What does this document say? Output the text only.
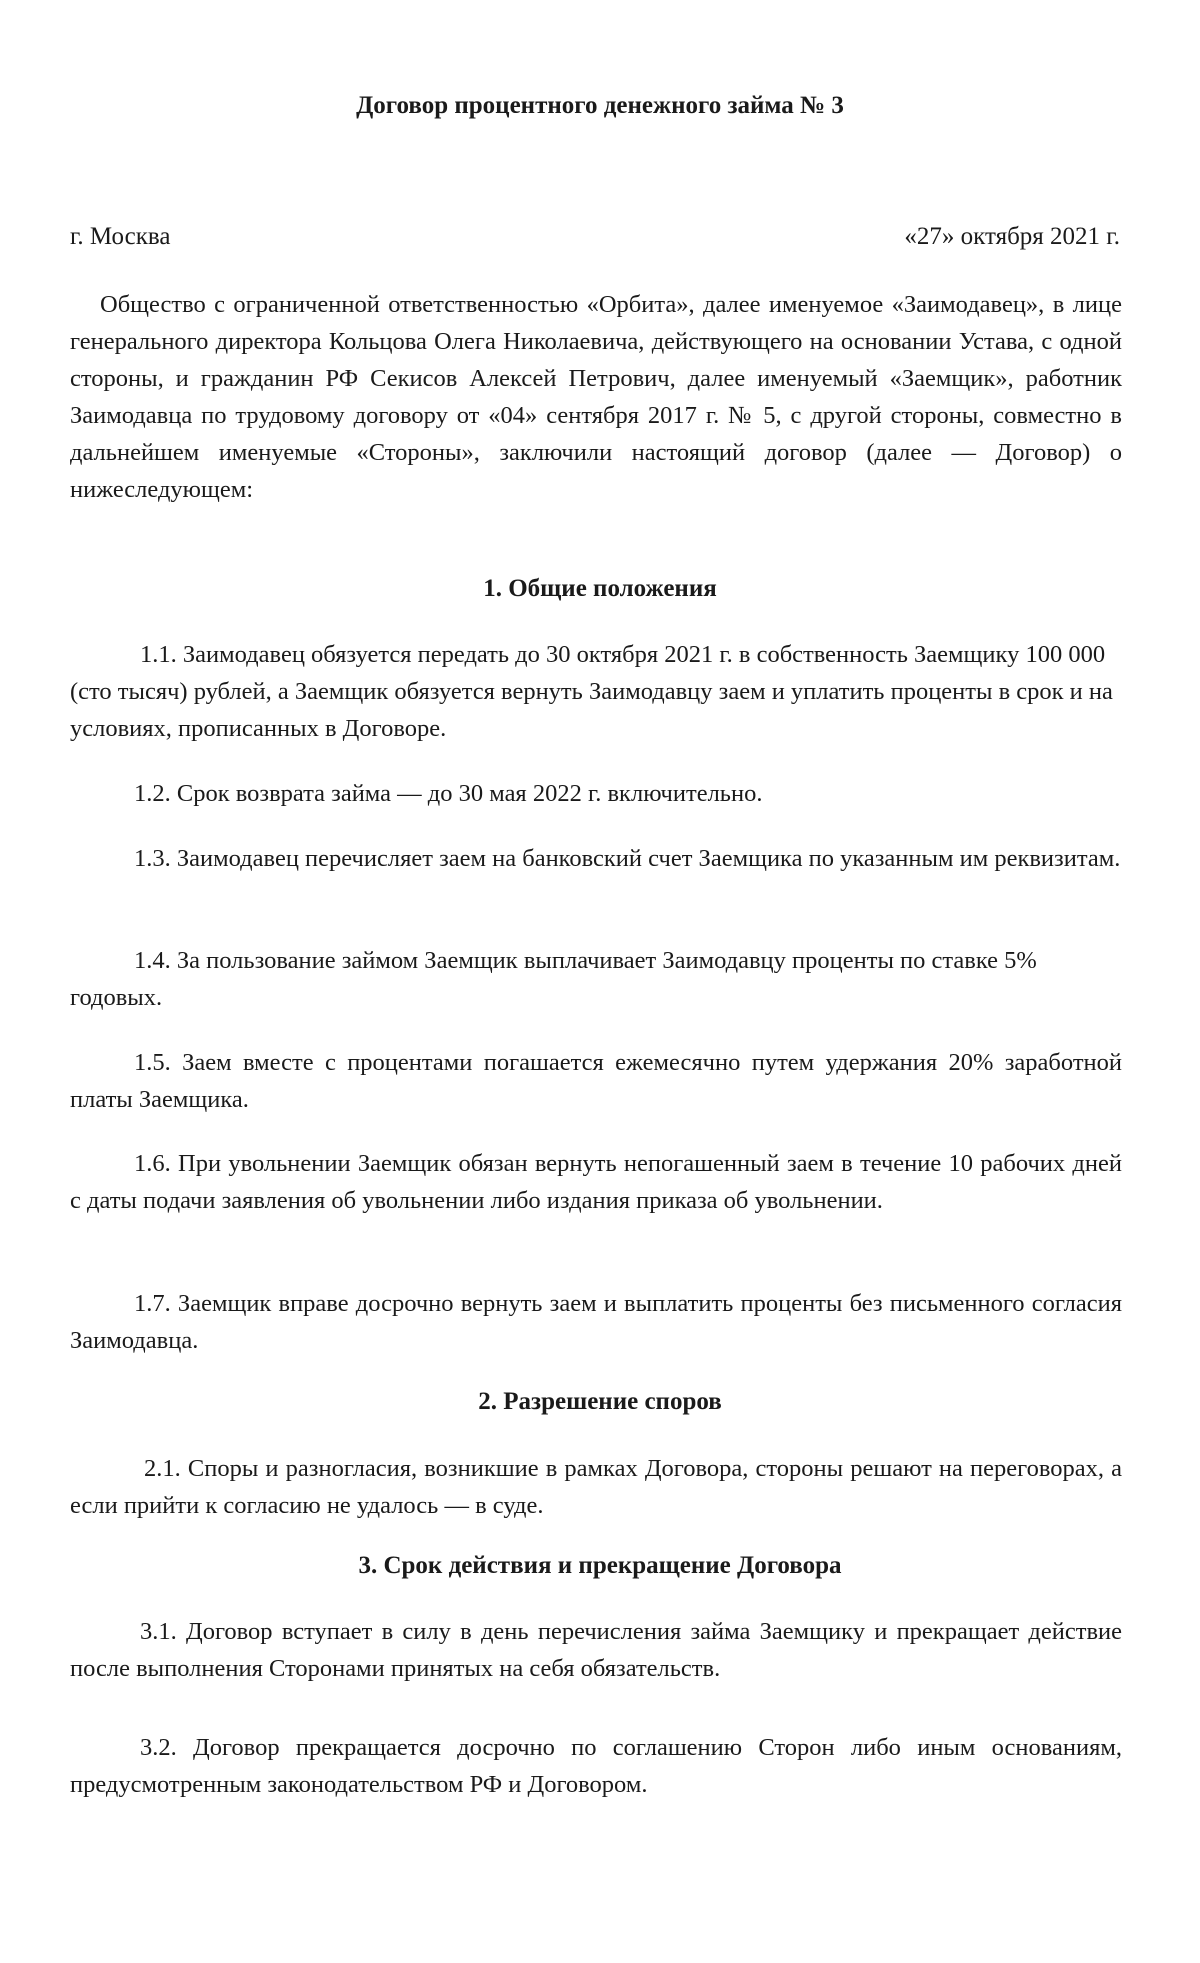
Договор процентного денежного займа № 3
г. Москва	«27» октября 2021 г.

Общество с ограниченной ответственностью «Орбита», далее именуемое «Заимодавец», в лице генерального директора Кольцова Олега Николаевича, действующего на основании Устава, с одной стороны, и гражданин РФ Секисов Алексей Петрович, далее именуемый «Заемщик», работник Заимодавца по трудовому договору от «04» сентября 2017 г. № 5, с другой стороны, совместно в дальнейшем именуемые «Стороны», заключили настоящий договор (далее — Договор) о нижеследующем:

1. Общие положения

1.1. Заимодавец обязуется передать до 30 октября 2021 г. в собственность Заемщику 100 000 (сто тысяч) рублей, а Заемщик обязуется вернуть Заимодавцу заем и уплатить проценты в срок и на условиях, прописанных в Договоре.

1.2. Срок возврата займа — до 30 мая 2022 г. включительно.

1.3. Заимодавец перечисляет заем на банковский счет Заемщика по указанным им реквизитам.

1.4. За пользование займом Заемщик выплачивает Заимодавцу проценты по ставке 5% годовых.

1.5. Заем вместе с процентами погашается ежемесячно путем удержания 20% заработной платы Заемщика.

1.6. При увольнении Заемщик обязан вернуть непогашенный заем в течение 10 рабочих дней с даты подачи заявления об увольнении либо издания приказа об увольнении.

1.7. Заемщик вправе досрочно вернуть заем и выплатить проценты без письменного согласия Заимодавца.

2. Разрешение споров

2.1. Споры и разногласия, возникшие в рамках Договора, стороны решают на переговорах, а если прийти к согласию не удалось — в суде.

3. Срок действия и прекращение Договора

3.1. Договор вступает в силу в день перечисления займа Заемщику и прекращает действие после выполнения Сторонами принятых на себя обязательств.

3.2. Договор прекращается досрочно по соглашению Сторон либо иным основаниям, предусмотренным законодательством РФ и Договором.
